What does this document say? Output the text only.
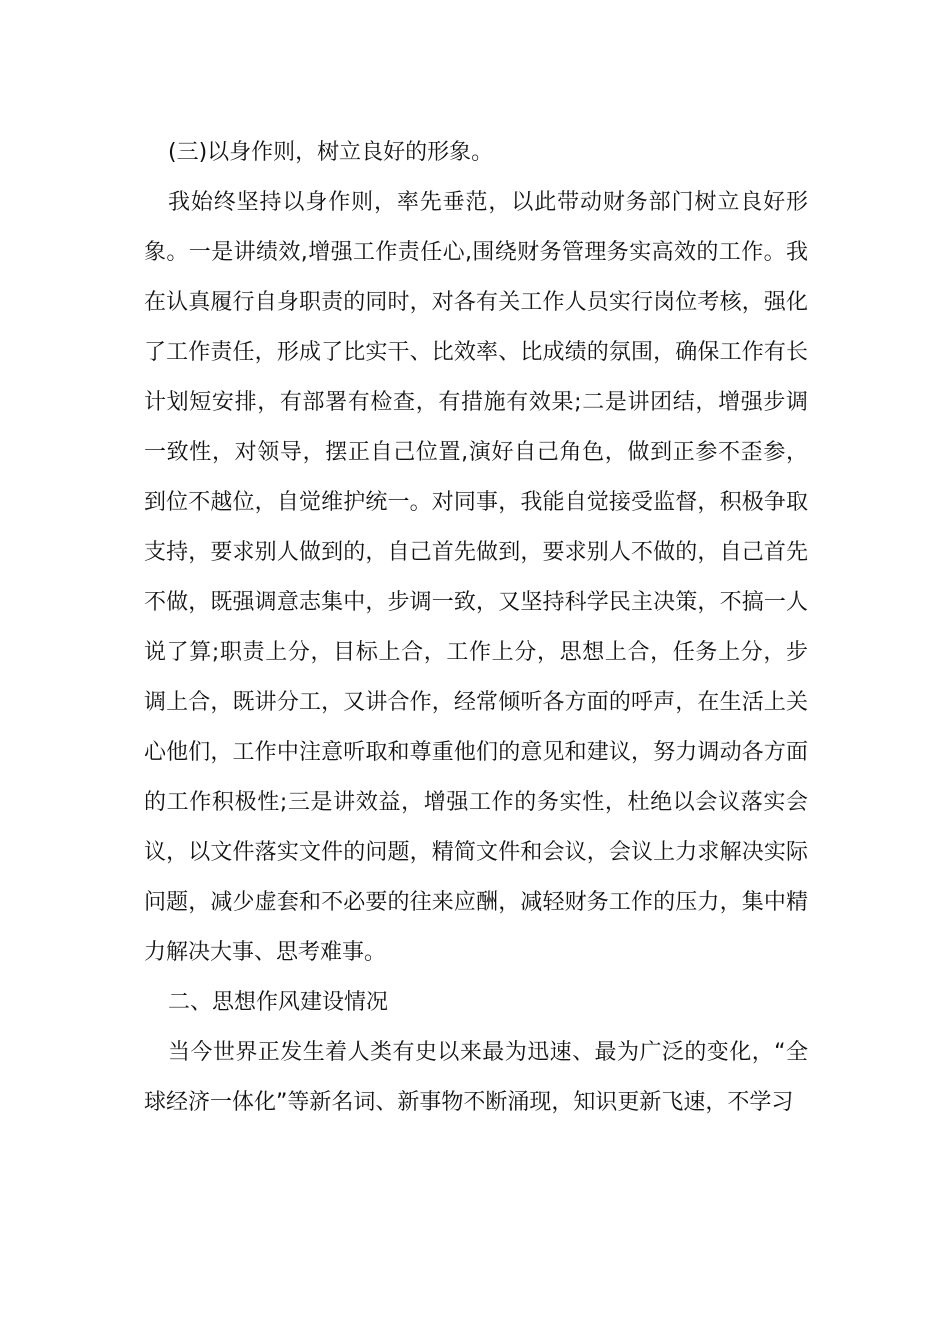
(三)以身作则，树立良好的形象。

我始终坚持以身作则，率先垂范，以此带动财务部门树立良好形象。一是讲绩效,增强工作责任心,围绕财务管理务实高效的工作。我在认真履行自身职责的同时，对各有关工作人员实行岗位考核，强化了工作责任，形成了比实干、比效率、比成绩的氛围，确保工作有长计划短安排，有部署有检查，有措施有效果;二是讲团结，增强步调一致性，对领导，摆正自己位置,演好自己角色，做到正参不歪参，到位不越位，自觉维护统一。对同事，我能自觉接受监督，积极争取支持，要求别人做到的，自己首先做到，要求别人不做的，自己首先不做，既强调意志集中，步调一致，又坚持科学民主决策，不搞一人说了算;职责上分，目标上合，工作上分，思想上合，任务上分，步调上合，既讲分工，又讲合作，经常倾听各方面的呼声，在生活上关心他们，工作中注意听取和尊重他们的意见和建议，努力调动各方面的工作积极性;三是讲效益，增强工作的务实性，杜绝以会议落实会议，以文件落实文件的问题，精简文件和会议，会议上力求解决实际问题，减少虚套和不必要的往来应酬，减轻财务工作的压力，集中精力解决大事、思考难事。

二、思想作风建设情况

当今世界正发生着人类有史以来最为迅速、最为广泛的变化，“全球经济一体化”等新名词、新事物不断涌现，知识更新飞速，不学习
